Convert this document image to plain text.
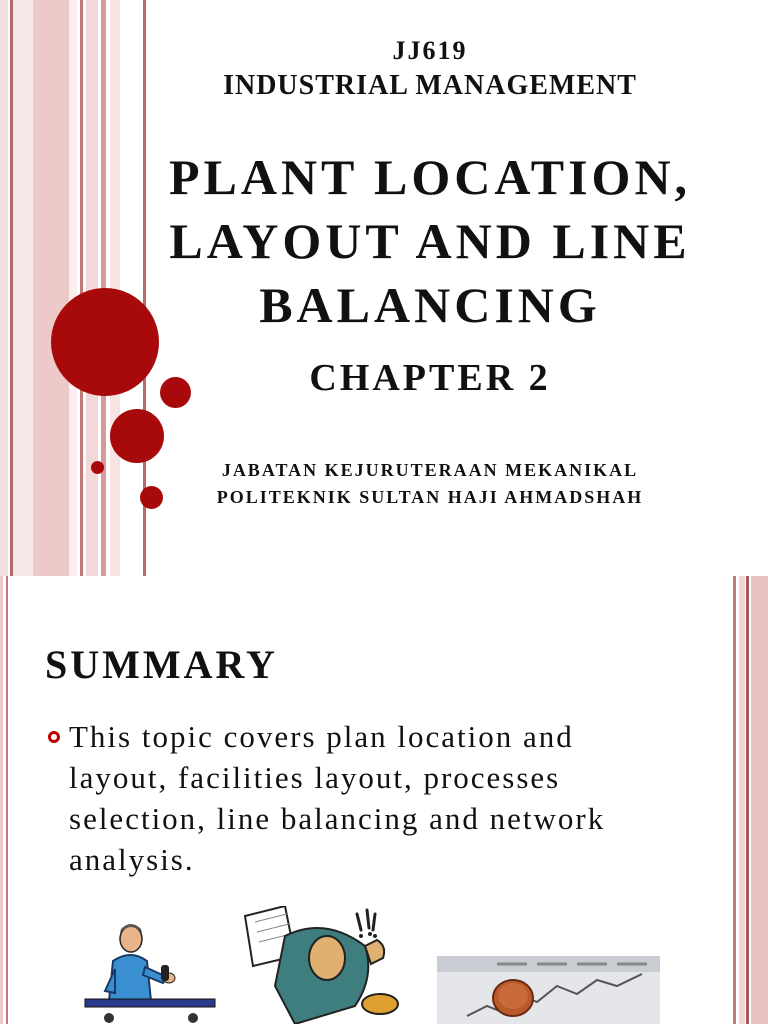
JJ619
INDUSTRIAL MANAGEMENT
PLANT LOCATION,
LAYOUT AND LINE
BALANCING
CHAPTER 2
JABATAN KEJURUTERAAN MEKANIKAL
POLITEKNIK SULTAN HAJI AHMADSHAH
SUMMARY
This topic covers plan location and layout, facilities layout, processes selection, line balancing and network analysis.
